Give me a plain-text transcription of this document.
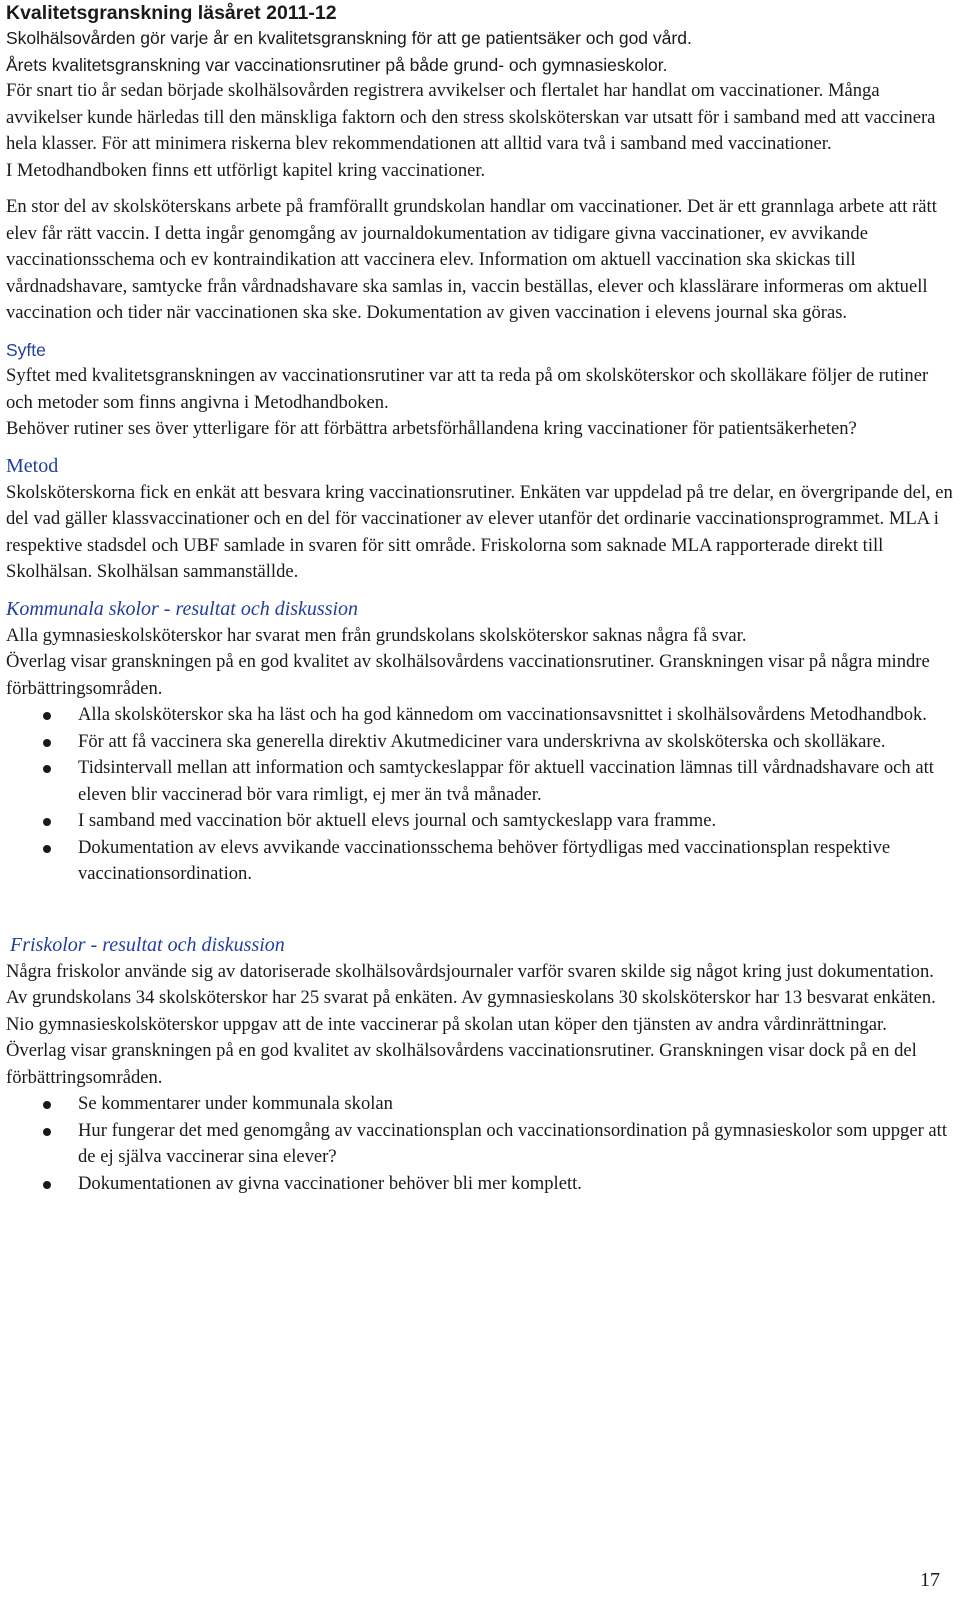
Kvalitetsgranskning läsåret 2011-12
Skolhälsovården gör varje år en kvalitetsgranskning för att ge patientsäker och god vård.
Årets kvalitetsgranskning var vaccinationsrutiner på både grund- och gymnasieskolor.

För snart tio år sedan började skolhälsovården registrera avvikelser och flertalet har handlat om vaccinationer. Många avvikelser kunde härledas till den mänskliga faktorn och den stress skolsköterskan var utsatt för i samband med att vaccinera hela klasser. För att minimera riskerna blev rekommendationen att alltid vara två i samband med vaccinationer.

I Metodhandboken finns ett utförligt kapitel kring vaccinationer.

En stor del av skolsköterskans arbete på framförallt grundskolan handlar om vaccinationer. Det är ett grannlaga arbete att rätt elev får rätt vaccin. I detta ingår genomgång av journaldokumentation av tidigare givna vaccinationer, ev avvikande vaccinationsschema och ev kontraindikation att vaccinera elev. Information om aktuell vaccination ska skickas till vårdnadshavare, samtycke från vårdnadshavare ska samlas in, vaccin beställas, elever och klasslärare informeras om aktuell vaccination och tider när vaccinationen ska ske. Dokumentation av given vaccination i elevens journal ska göras.

Syfte

Syftet med kvalitetsgranskningen av vaccinationsrutiner var att ta reda på om skolsköterskor och skolläkare följer de rutiner och metoder som finns angivna i Metodhandboken.

Behöver rutiner ses över ytterligare för att förbättra arbetsförhållandena kring vaccinationer för patientsäkerheten?

Metod

Skolsköterskorna fick en enkät att besvara kring vaccinationsrutiner. Enkäten var uppdelad på tre delar, en övergripande del, en del vad gäller klassvaccinationer och en del för vaccinationer av elever utanför det ordinarie vaccinationsprogrammet. MLA i respektive stadsdel och UBF samlade in svaren för sitt område. Friskolorna som saknade MLA rapporterade direkt till Skolhälsan. Skolhälsan sammanställde.

Kommunala skolor - resultat och diskussion

Alla gymnasieskolsköterskor har svarat men från grundskolans skolsköterskor saknas några få svar.

Överlag visar granskningen på en god kvalitet av skolhälsovårdens vaccinationsrutiner. Granskningen visar på några mindre förbättringsområden.

Alla skolsköterskor ska ha läst och ha god kännedom om vaccinationsavsnittet i skolhälsovårdens Metodhandbok.
För att få vaccinera ska generella direktiv Akutmediciner vara underskrivna av skolsköterska och skolläkare.
Tidsintervall mellan att information och samtyckeslappar för aktuell vaccination lämnas till vårdnadshavare och att eleven blir vaccinerad bör vara rimligt, ej mer än två månader.
I samband med vaccination bör aktuell elevs journal och samtyckeslapp vara framme.
Dokumentation av elevs avvikande vaccinationsschema behöver förtydligas med vaccinationsplan respektive vaccinationsordination.
Friskolor - resultat och diskussion

Några friskolor använde sig av datoriserade skolhälsovårdsjournaler varför svaren skilde sig något kring just dokumentation. Av grundskolans 34 skolsköterskor har 25 svarat på enkäten. Av gymnasieskolans 30 skolsköterskor har 13 besvarat enkäten. Nio gymnasieskolsköterskor uppgav att de inte vaccinerar på skolan utan köper den tjänsten av andra vårdinrättningar.

Överlag visar granskningen på en god kvalitet av skolhälsovårdens vaccinationsrutiner. Granskningen visar dock på en del förbättringsområden.

Se kommentarer under kommunala skolan
Hur fungerar det med genomgång av vaccinationsplan och vaccinationsordination på gymnasieskolor som uppger att de ej själva vaccinerar sina elever?
Dokumentationen av givna vaccinationer behöver bli mer komplett.
17
